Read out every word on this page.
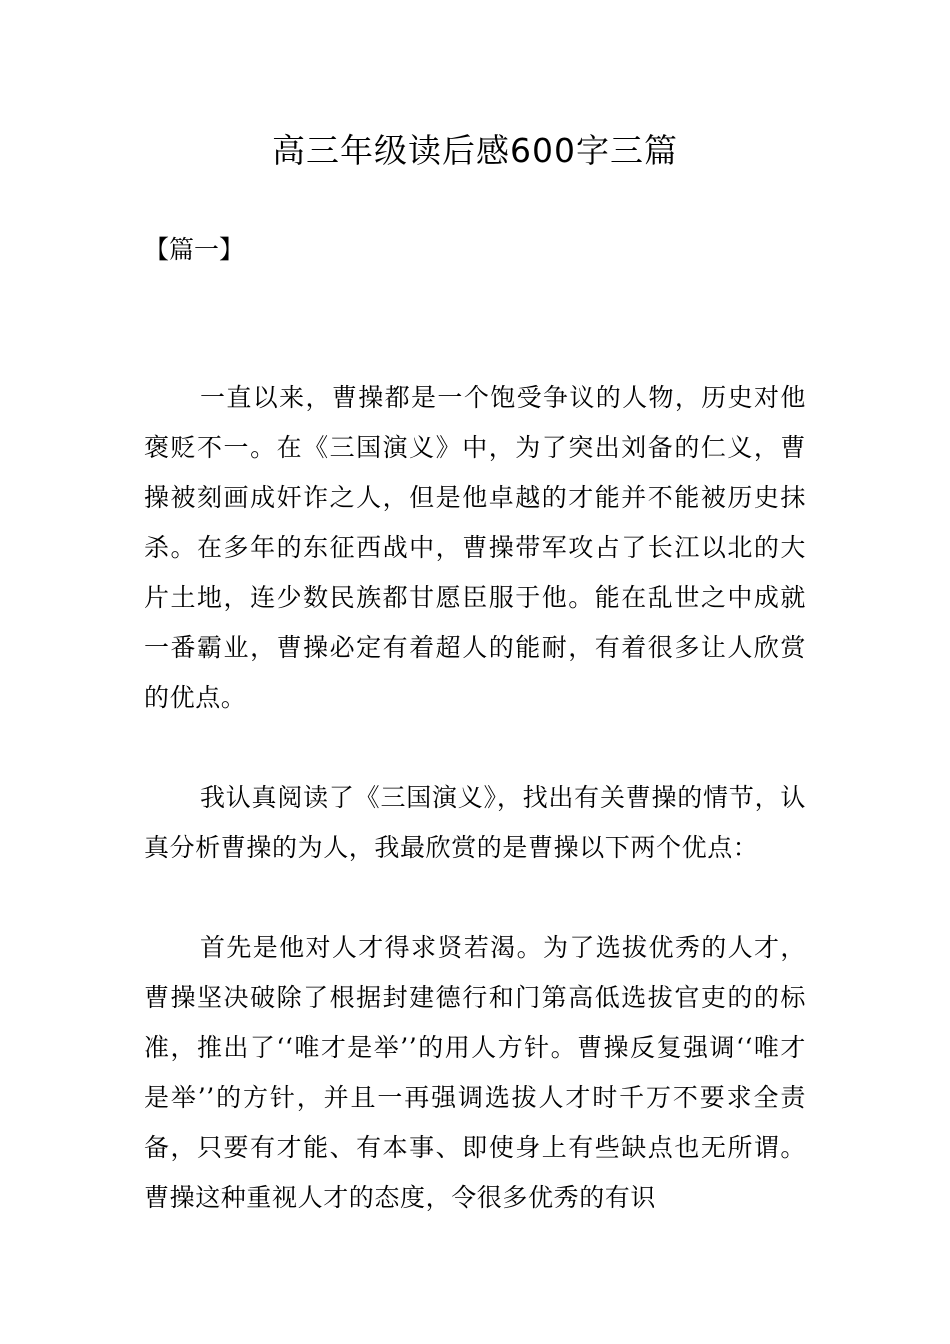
高三年级读后感600字三篇

【篇一】

一直以来，曹操都是一个饱受争议的人物，历史对他褒贬不一。在《三国演义》中，为了突出刘备的仁义，曹操被刻画成奸诈之人，但是他卓越的才能并不能被历史抹杀。在多年的东征西战中，曹操带军攻占了长江以北的大片土地，连少数民族都甘愿臣服于他。能在乱世之中成就一番霸业，曹操必定有着超人的能耐，有着很多让人欣赏的优点。

我认真阅读了《三国演义》，找出有关曹操的情节，认真分析曹操的为人，我最欣赏的是曹操以下两个优点：

首先是他对人才得求贤若渴。为了选拔优秀的人才，曹操坚决破除了根据封建德行和门第高低选拔官吏的的标准，推出了‘‘唯才是举’’的用人方针。曹操反复强调‘‘唯才是举’’的方针，并且一再强调选拔人才时千万不要求全责备，只要有才能、有本事、即使身上有些缺点也无所谓。曹操这种重视人才的态度，令很多优秀的有识
